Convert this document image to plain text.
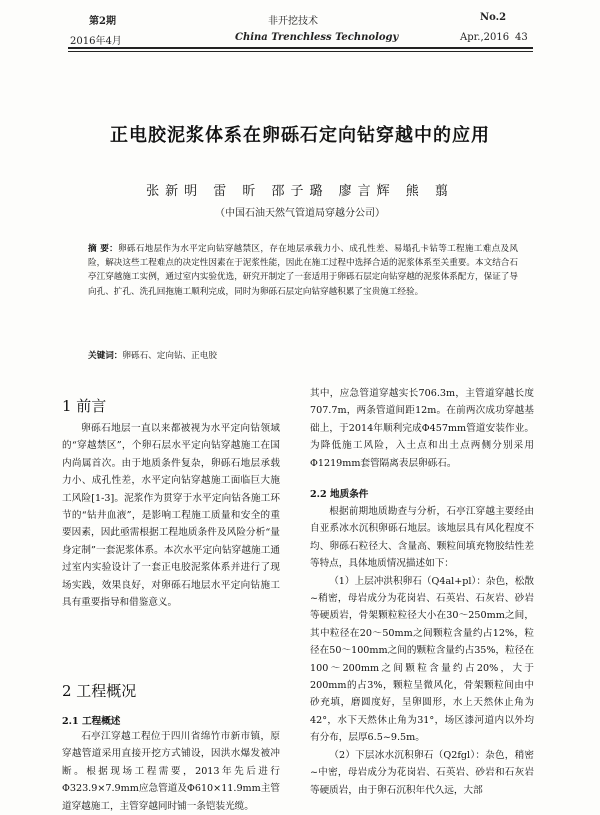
第2期	非开挖技术	No.2
2016年4月	China Trenchless Technology	Apr.,2016 43
正电胶泥浆体系在卵砾石定向钻穿越中的应用
张新明 雷 昕 邵子璐 廖言辉 熊 翦
（中国石油天然气管道局穿越分公司）
摘 要：卵砾石地层作为水平定向钻穿越禁区，存在地层承载力小、成孔性差、易塌孔卡钻等工程施工难点及风险，解决这些工程难点的决定性因素在于泥浆性能，因此在施工过程中选择合适的泥浆体系至关重要。本文结合石亭江穿越施工实例，通过室内实验优选，研究开制定了一套适用于卵砾石层定向钻穿越的泥浆体系配方，保证了导向孔、扩孔、洗孔回拖施工顺利完成，同时为卵砾石层定向钻穿越积累了宝贵施工经验。
关键词：卵砾石、定向钻、正电胶
1 前言

卵砾石地层一直以来都被视为水平定向钻领域的“穿越禁区”，个卵石层水平定向钻穿越施工在国内尚属首次。由于地质条件复杂，卵砾石地层承载力小、成孔性差，水平定向钻穿越施工面临巨大施工风险[1-3]。泥浆作为贯穿于水平定向钻各施工环节的“钻井血液”，是影响工程施工质量和安全的重要因素，因此亟需根据工程地质条件及风险分析“量身定制”一套泥浆体系。本次水平定向钻穿越施工通过室内实验设计了一套正电胶泥浆体系并进行了现场实践，效果良好，对卵砾石地层水平定向钻施工具有重要指导和借鉴意义。

2 工程概况
2.1 工程概述

石亭江穿越工程位于四川省绵竹市新市镇，原穿越管道采用直接开挖方式铺设，因洪水爆发被冲断。根据现场工程需要，2013年先后进行Φ323.9×7.9mm应急管道及Φ610×11.9mm主管道穿越施工，主管穿越同时铺一条铠装光缆。

其中，应急管道穿越实长706.3m，主管道穿越长度707.7m，两条管道间距12m。在前两次成功穿越基础上，于2014年顺利完成Φ457mm管道安装作业。为降低施工风险，入土点和出土点两侧分别采用Φ1219mm套管隔离表层卵砾石。

2.2 地质条件

根据前期地质勘查与分析，石亭江穿越主要经由自亚系冰水沉积卵砾石地层。该地层具有风化程度不均、卵砾石粒径大、含量高、颗粒间填充物胶结性差等特点，具体地质情况描述如下：

（1）上层冲洪积卵石（Q4al+pl）：杂色，松散~稍密，母岩成分为花岗岩、石英岩、石灰岩、砂岩等硬质岩，骨架颗粒粒径大小在30～250mm之间，其中粒径在20～50mm之间颗粒含量约占12%，粒径在50～100mm之间的颗粒含量约占35%，粒径在100～200mm之间颗粒含量约占20%，大于200mm的占3%，颗粒呈微风化，骨架颗粒间由中砂充填，磨圆度好，呈卵圆形，水上天然休止角为42°，水下天然休止角为31°，场区漆河道内以外均有分布，层厚6.5~9.5m。

（2）下层冰水沉积卵石（Q2fgl）：杂色，稍密~中密，母岩成分为花岗岩、石英岩、砂岩和石灰岩等硬质岩，由于卵石沉积年代久远，大部
